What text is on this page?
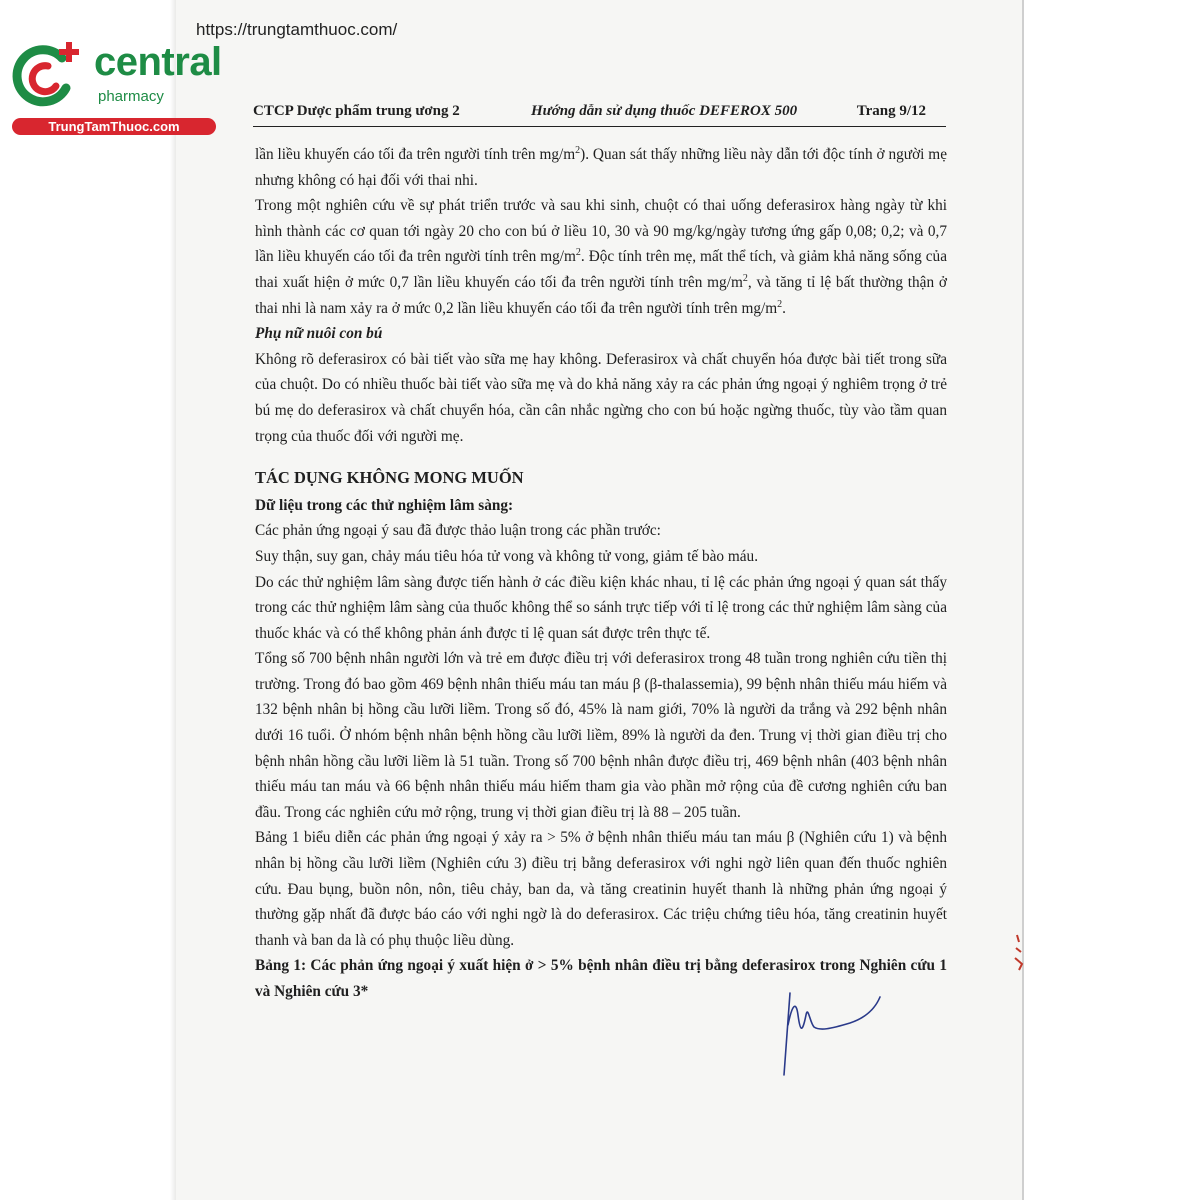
https://trungtamthuoc.com/
central
pharmacy
TrungTamThuoc.com
CTCP Dược phẩm trung ương 2	Hướng dẫn sử dụng thuốc DEFEROX 500	Trang 9/12

lần liều khuyến cáo tối đa trên người tính trên $mg/m^2$). Quan sát thấy những liều này dẫn tới độc tính ở người mẹ nhưng không có hại đối với thai nhi.

Trong một nghiên cứu về sự phát triển trước và sau khi sinh, chuột có thai uống deferasirox hàng ngày từ khi hình thành các cơ quan tới ngày 20 cho con bú ở liều 10, 30 và 90 mg/kg/ngày tương ứng gấp 0,08; 0,2; và 0,7 lần liều khuyến cáo tối đa trên người tính trên $mg/m^2$. Độc tính trên mẹ, mất thể tích, và giảm khả năng sống của thai xuất hiện ở mức 0,7 lần liều khuyến cáo tối đa trên người tính trên $mg/m^2$, và tăng tỉ lệ bất thường thận ở thai nhi là nam xảy ra ở mức 0,2 lần liều khuyến cáo tối đa trên người tính trên $mg/m^2$.

Phụ nữ nuôi con bú

Không rõ deferasirox có bài tiết vào sữa mẹ hay không. Deferasirox và chất chuyển hóa được bài tiết trong sữa của chuột. Do có nhiều thuốc bài tiết vào sữa mẹ và do khả năng xảy ra các phản ứng ngoại ý nghiêm trọng ở trẻ bú mẹ do deferasirox và chất chuyển hóa, cần cân nhắc ngừng cho con bú hoặc ngừng thuốc, tùy vào tầm quan trọng của thuốc đối với người mẹ.

TÁC DỤNG KHÔNG MONG MUỐN

Dữ liệu trong các thử nghiệm lâm sàng:

Các phản ứng ngoại ý sau đã được thảo luận trong các phần trước:

Suy thận, suy gan, chảy máu tiêu hóa tử vong và không tử vong, giảm tế bào máu.

Do các thử nghiệm lâm sàng được tiến hành ở các điều kiện khác nhau, tỉ lệ các phản ứng ngoại ý quan sát thấy trong các thử nghiệm lâm sàng của thuốc không thể so sánh trực tiếp với tỉ lệ trong các thử nghiệm lâm sàng của thuốc khác và có thể không phản ánh được tỉ lệ quan sát được trên thực tế.

Tổng số 700 bệnh nhân người lớn và trẻ em được điều trị với deferasirox trong 48 tuần trong nghiên cứu tiền thị trường. Trong đó bao gồm 469 bệnh nhân thiếu máu tan máu β (β-thalassemia), 99 bệnh nhân thiếu máu hiếm và 132 bệnh nhân bị hồng cầu lưỡi liềm. Trong số đó, 45% là nam giới, 70% là người da trắng và 292 bệnh nhân dưới 16 tuổi. Ở nhóm bệnh nhân bệnh hồng cầu lưỡi liềm, 89% là người da đen. Trung vị thời gian điều trị cho bệnh nhân hồng cầu lưỡi liềm là 51 tuần. Trong số 700 bệnh nhân được điều trị, 469 bệnh nhân (403 bệnh nhân thiếu máu tan máu và 66 bệnh nhân thiếu máu hiếm tham gia vào phần mở rộng của đề cương nghiên cứu ban đầu. Trong các nghiên cứu mở rộng, trung vị thời gian điều trị là 88 – 205 tuần.

Bảng 1 biểu diễn các phản ứng ngoại ý xảy ra > 5% ở bệnh nhân thiếu máu tan máu β (Nghiên cứu 1) và bệnh nhân bị hồng cầu lưỡi liềm (Nghiên cứu 3) điều trị bằng deferasirox với nghi ngờ liên quan đến thuốc nghiên cứu. Đau bụng, buồn nôn, nôn, tiêu chảy, ban da, và tăng creatinin huyết thanh là những phản ứng ngoại ý thường gặp nhất đã được báo cáo với nghi ngờ là do deferasirox. Các triệu chứng tiêu hóa, tăng creatinin huyết thanh và ban da là có phụ thuộc liều dùng.

Bảng 1: Các phản ứng ngoại ý xuất hiện ở > 5% bệnh nhân điều trị bằng deferasirox trong Nghiên cứu 1 và Nghiên cứu 3*
